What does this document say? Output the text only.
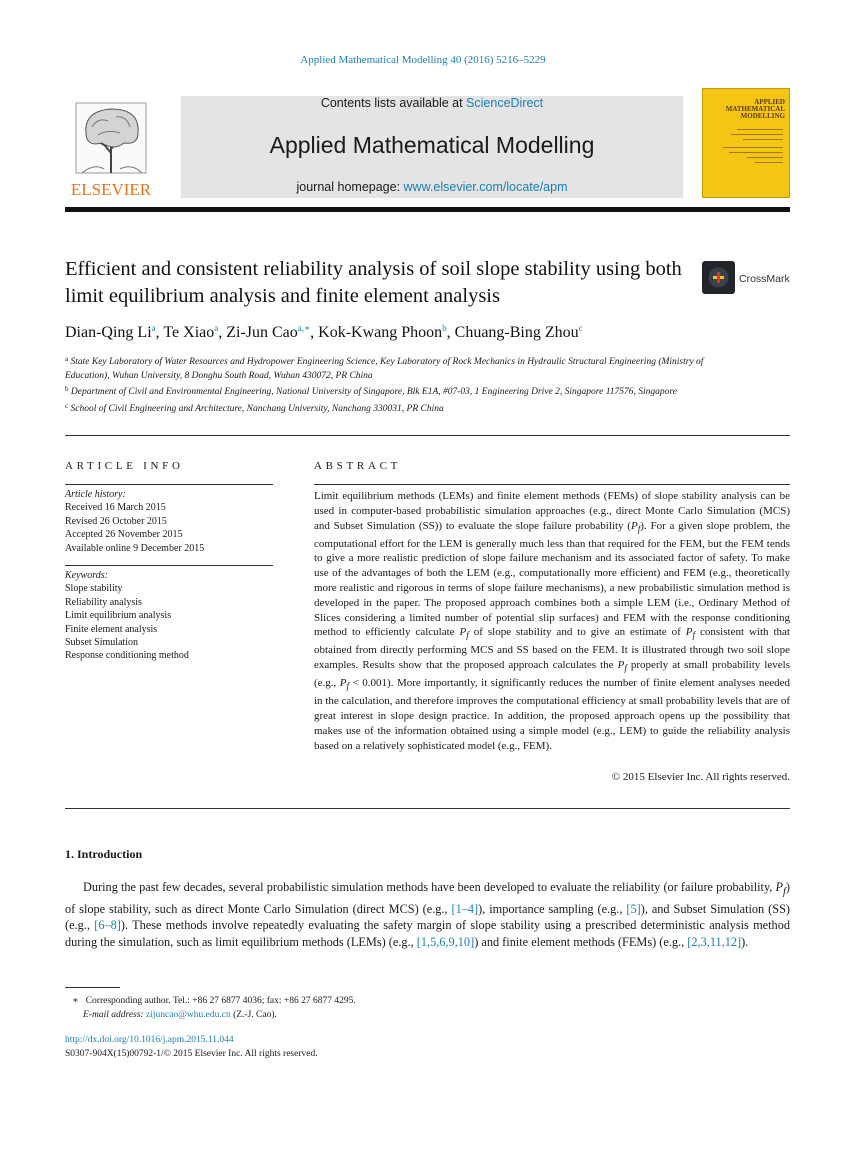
Applied Mathematical Modelling 40 (2016) 5216–5229
ELSEVIER
Contents lists available at ScienceDirect
Applied Mathematical Modelling
journal homepage: www.elsevier.com/locate/apm
APPLIED MATHEMATICAL MODELLING
Efficient and consistent reliability analysis of soil slope stability using both limit equilibrium analysis and finite element analysis
CrossMark
Dian-Qing Li$^a$, Te Xiao$^a$, Zi-Jun Cao$^{a,∗}$, Kok-Kwang Phoon$^b$, Chuang-Bing Zhou$^c$
$^a$ State Key Laboratory of Water Resources and Hydropower Engineering Science, Key Laboratory of Rock Mechanics in Hydraulic Structural Engineering (Ministry of Education), Wuhan University, 8 Donghu South Road, Wuhan 430072, PR China
$^b$ Department of Civil and Environmental Engineering, National University of Singapore, Blk E1A, #07-03, 1 Engineering Drive 2, Singapore 117576, Singapore
$^c$ School of Civil Engineering and Architecture, Nanchang University, Nanchang 330031, PR China
ARTICLE INFO	ABSTRACT
Article history:
Received 16 March 2015
Revised 26 October 2015
Accepted 26 November 2015
Available online 9 December 2015
Keywords:
Slope stability
Reliability analysis
Limit equilibrium analysis
Finite element analysis
Subset Simulation
Response conditioning method
Limit equilibrium methods (LEMs) and finite element methods (FEMs) of slope stability analysis can be used in computer-based probabilistic simulation approaches (e.g., direct Monte Carlo Simulation (MCS) and Subset Simulation (SS)) to evaluate the slope failure probability $(P_f)$. For a given slope problem, the computational effort for the LEM is generally much less than that required for the FEM, but the FEM tends to give a more realistic prediction of slope failure mechanism and its associated factor of safety. To make use of the advantages of both the LEM (e.g., computationally more efficient) and FEM (e.g., theoretically more realistic and rigorous in terms of slope failure mechanisms), a new probabilistic simulation method is developed in the paper. The proposed approach combines both a simple LEM (i.e., Ordinary Method of Slices considering a limited number of potential slip surfaces) and FEM with the response conditioning method to efficiently calculate $P_f$ of slope stability and to give an estimate of $P_f$ consistent with that obtained from directly performing MCS and SS based on the FEM. It is illustrated through two soil slope examples. Results show that the proposed approach calculates the $P_f$ properly at small probability levels (e.g., $P_f < 0.001$). More importantly, it significantly reduces the number of finite element analyses needed in the calculation, and therefore improves the computational efficiency at small probability levels that are of great interest in slope design practice. In addition, the proposed approach opens up the possibility that makes use of the information obtained using a simple model (e.g., LEM) to guide the reliability analysis based on a relatively sophisticated model (e.g., FEM).
© 2015 Elsevier Inc. All rights reserved.
1. Introduction
During the past few decades, several probabilistic simulation methods have been developed to evaluate the reliability (or failure probability, $P_f$) of slope stability, such as direct Monte Carlo Simulation (direct MCS) (e.g., [1–4]), importance sampling (e.g., [5]), and Subset Simulation (SS) (e.g., [6–8]). These methods involve repeatedly evaluating the safety margin of slope stability using a prescribed deterministic analysis method during the simulation, such as limit equilibrium methods (LEMs) (e.g., [1,5,6,9,10]) and finite element methods (FEMs) (e.g., [2,3,11,12]).
∗ Corresponding author. Tel.: +86 27 6877 4036; fax: +86 27 6877 4295.
E-mail address: zijuncao@whu.edu.cn (Z.-J. Cao).
http://dx.doi.org/10.1016/j.apm.2015.11.044
S0307-904X(15)00792-1/© 2015 Elsevier Inc. All rights reserved.
